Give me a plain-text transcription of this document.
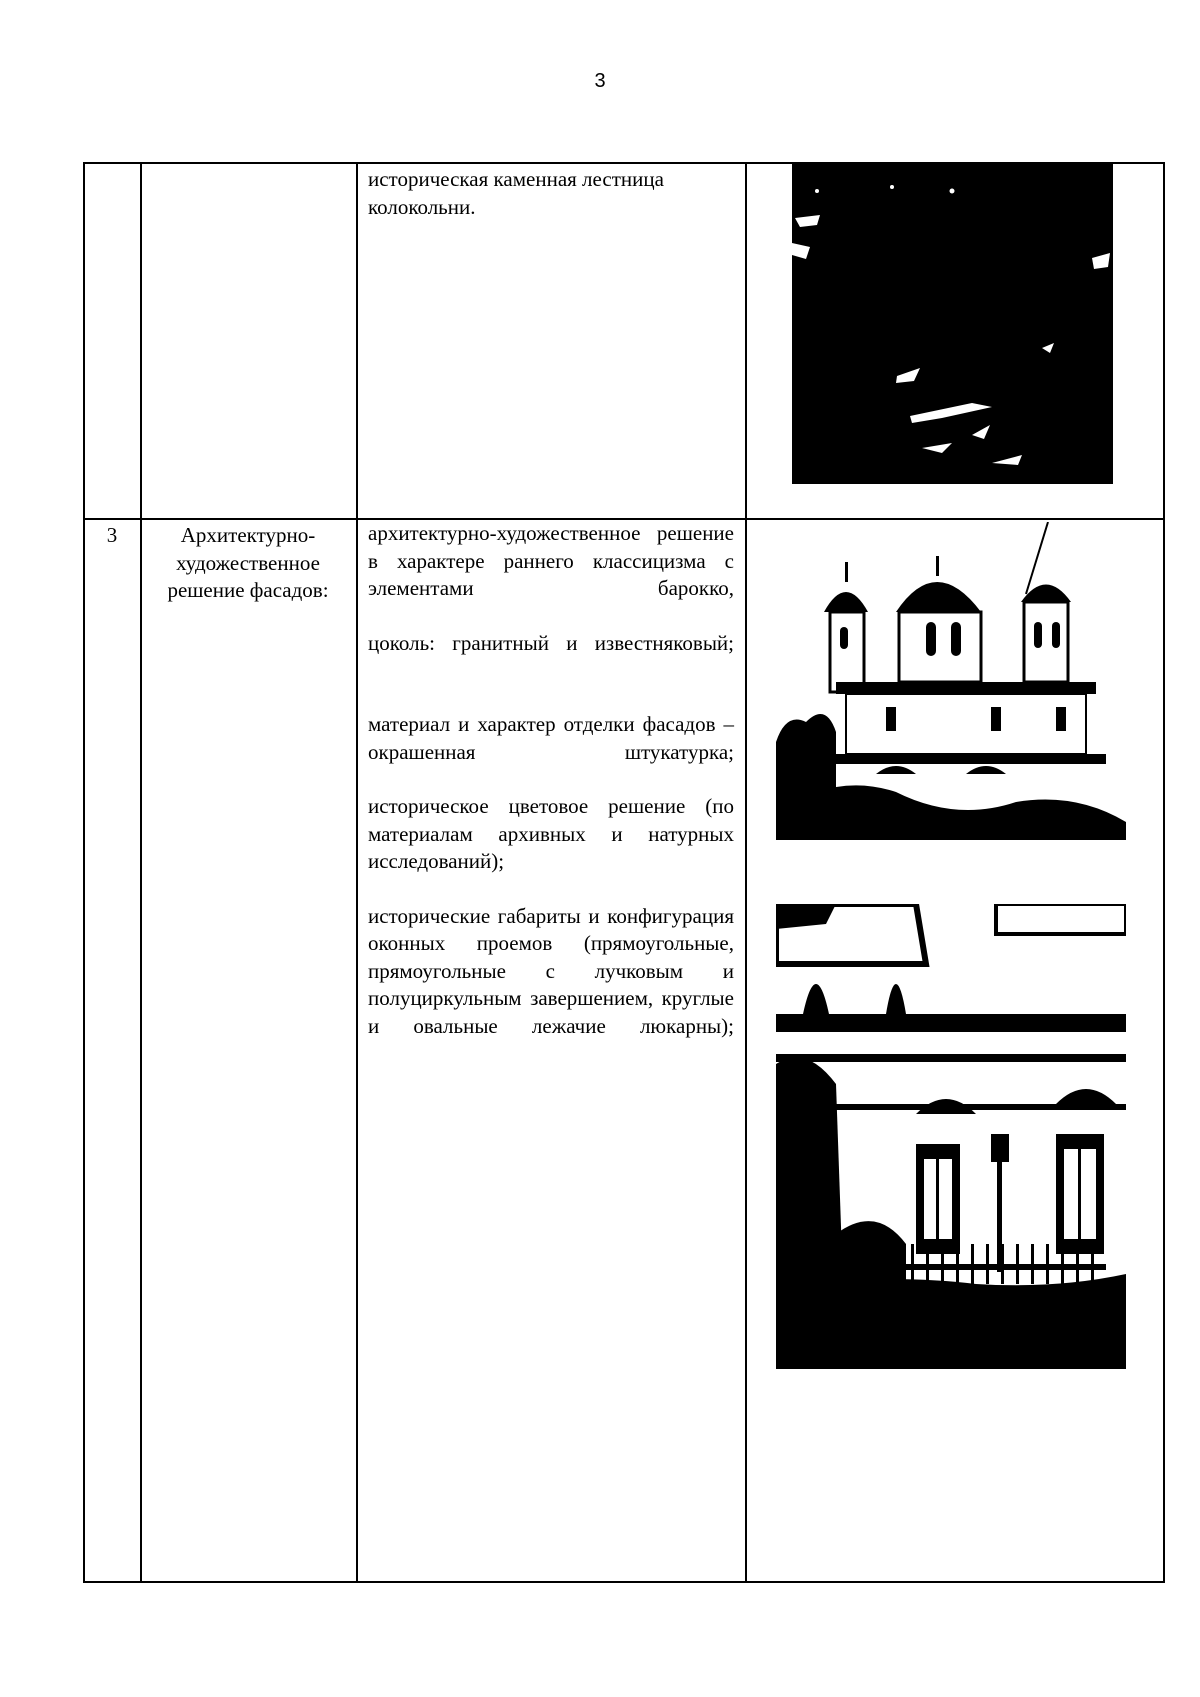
3

историческая каменная лестница колокольни.

3	Архитектурно-художественное решение фасадов:

архитектурно-художественное решение в характере раннего классицизма с элементами барокко,

цоколь: гранитный и известняковый;

материал и характер отделки фасадов – окрашенная штукатурка;

историческое цветовое решение (по материалам архивных и натурных исследований);

исторические габариты и конфигурация оконных проемов (прямоугольные, прямоугольные с лучковым и полуциркульным завершением, круглые и овальные лежачие люкарны);
